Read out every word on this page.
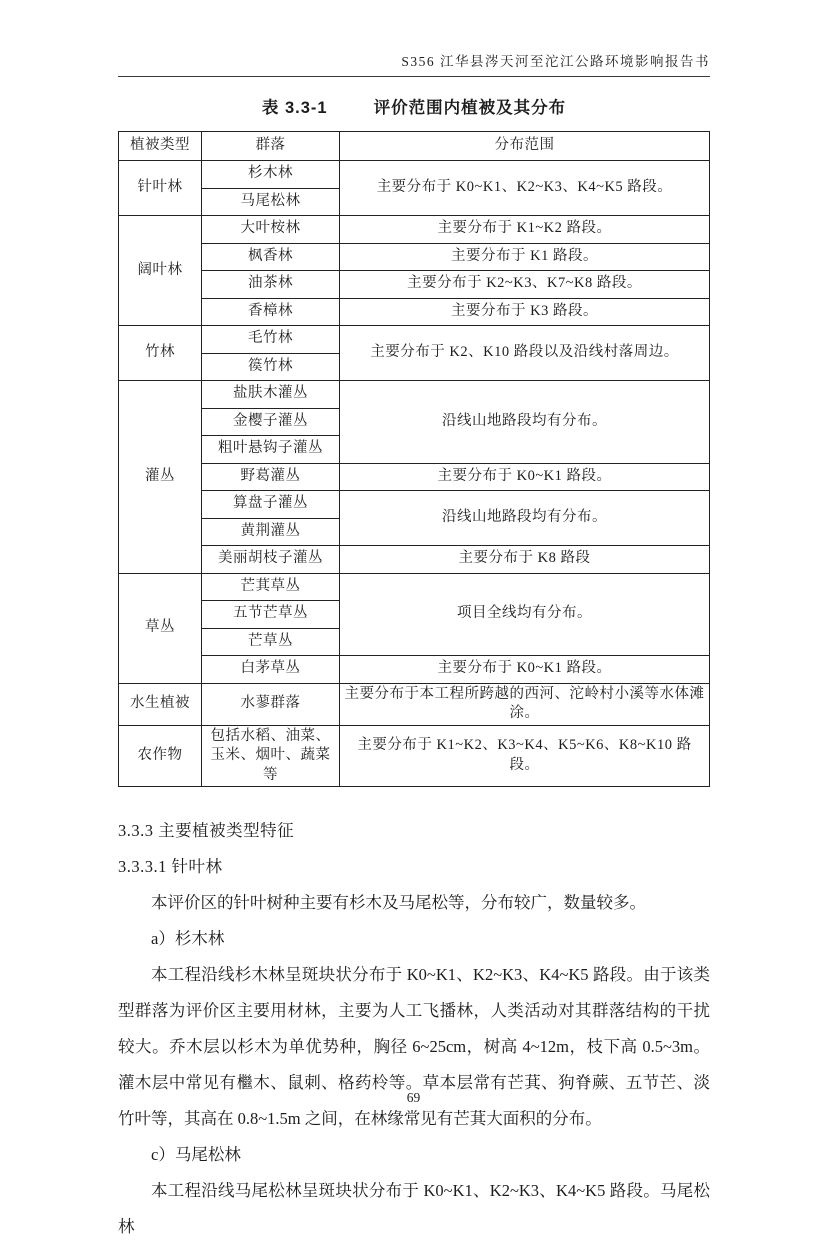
S356 江华县涔天河至沱江公路环境影响报告书
表 3.3-1	评价范围内植被及其分布
植被类型	群落	分布范围
针叶林	杉木林	主要分布于 K0~K1、K2~K3、K4~K5 路段。
	马尾松林	
阔叶林	大叶桉林	主要分布于 K1~K2 路段。
	枫香林	主要分布于 K1 路段。
	油茶林	主要分布于 K2~K3、K7~K8 路段。
	香樟林	主要分布于 K3 路段。
竹林	毛竹林	主要分布于 K2、K10 路段以及沿线村落周边。
	篌竹林	
灌丛	盐肤木灌丛	沿线山地路段均有分布。
	金樱子灌丛	
	粗叶悬钩子灌丛	
	野葛灌丛	主要分布于 K0~K1 路段。
	算盘子灌丛	沿线山地路段均有分布。
	黄荆灌丛	
	美丽胡枝子灌丛	主要分布于 K8 路段
草丛	芒萁草丛	项目全线均有分布。
	五节芒草丛	
	芒草丛	
	白茅草丛	主要分布于 K0~K1 路段。
水生植被	水蓼群落	主要分布于本工程所跨越的西河、沱岭村小溪等水体滩涂。
农作物	包括水稻、油菜、玉米、烟叶、蔬菜等	主要分布于 K1~K2、K3~K4、K5~K6、K8~K10 路段。
3.3.3 主要植被类型特征
3.3.3.1 针叶林
本评价区的针叶树种主要有杉木及马尾松等，分布较广，数量较多。
a）杉木林
本工程沿线杉木林呈斑块状分布于 K0~K1、K2~K3、K4~K5 路段。由于该类型群落为评价区主要用材林，主要为人工飞播林，人类活动对其群落结构的干扰较大。乔木层以杉木为单优势种，胸径 6~25cm，树高 4~12m，枝下高 0.5~3m。灌木层中常见有檵木、鼠刺、格药柃等。草本层常有芒萁、狗脊蕨、五节芒、淡竹叶等，其高在 0.8~1.5m 之间，在林缘常见有芒萁大面积的分布。
c）马尾松林
本工程沿线马尾松林呈斑块状分布于 K0~K1、K2~K3、K4~K5 路段。马尾松林
69
